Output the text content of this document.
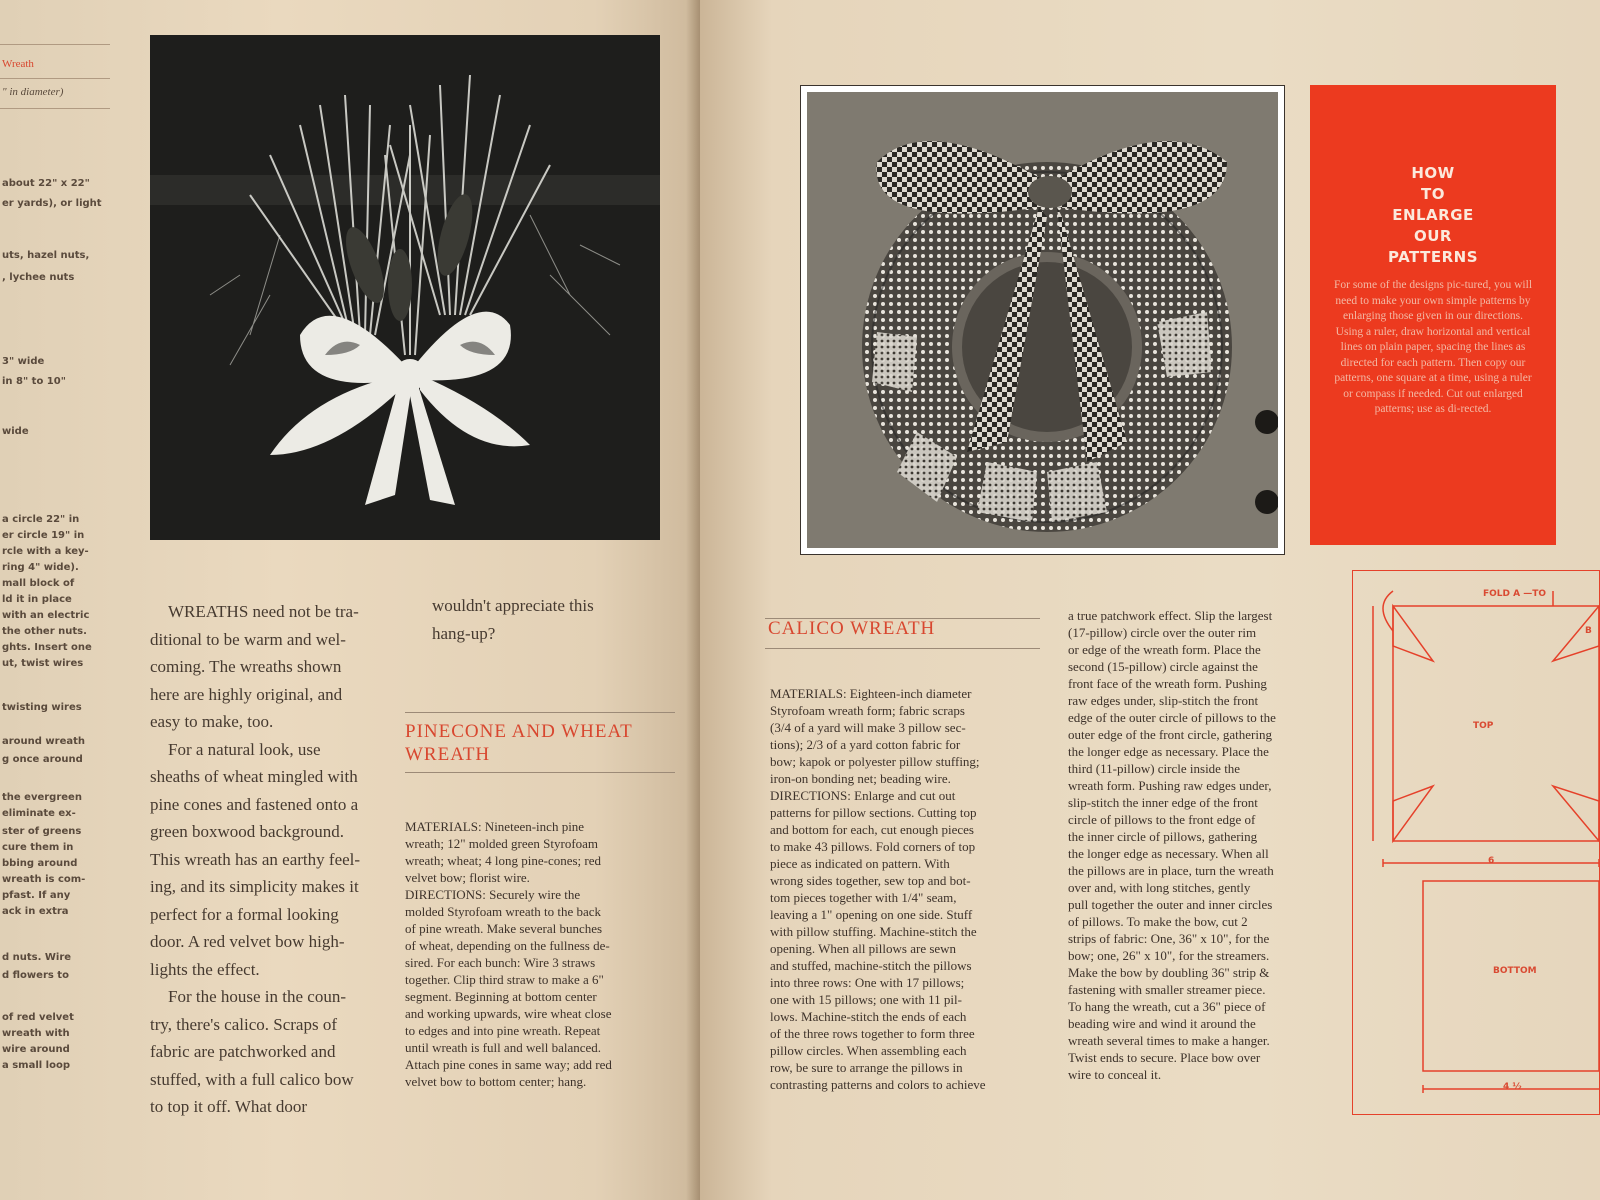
Wreath
" in diameter)
about 22" x 22"
er yards), or light
uts, hazel nuts,
, lychee nuts
3" wide
in 8" to 10"
wide
a circle 22" in
er circle 19" in
rcle with a key-
ring 4" wide).
mall block of
ld it in place
with an electric
the other nuts.
ghts. Insert one
ut, twist wires
twisting wires
around wreath
g once around
the evergreen
eliminate ex-
ster of greens
cure them in
bbing around
wreath is com-
pfast. If any
ack in extra
d nuts. Wire
d flowers to
of red velvet
wreath with
wire around
a small loop
WREATHS need not be tra-
ditional to be warm and wel-
coming. The wreaths shown
here are highly original, and
easy to make, too.
For a natural look, use
sheaths of wheat mingled with
pine cones and fastened onto a
green boxwood background.
This wreath has an earthy feel-
ing, and its simplicity makes it
perfect for a formal looking
door. A red velvet bow high-
lights the effect.
For the house in the coun-
try, there's calico. Scraps of
fabric are patchworked and
stuffed, with a full calico bow
to top it off. What door
wouldn't appreciate this
hang-up?
PINECONE AND WHEAT
WREATH
MATERIALS: Nineteen-inch pine
wreath; 12" molded green Styrofoam
wreath; wheat; 4 long pine-cones; red
velvet bow; florist wire.
DIRECTIONS: Securely wire the
molded Styrofoam wreath to the back
of pine wreath. Make several bunches
of wheat, depending on the fullness de-
sired. For each bunch: Wire 3 straws
together. Clip third straw to make a 6"
segment. Beginning at bottom center
and working upwards, wire wheat close
to edges and into pine wreath. Repeat
until wreath is full and well balanced.
Attach pine cones in same way; add red
velvet bow to bottom center; hang.
CALICO WREATH
MATERIALS: Eighteen-inch diameter
Styrofoam wreath form; fabric scraps
(3/4 of a yard will make 3 pillow sec-
tions); 2/3 of a yard cotton fabric for
bow; kapok or polyester pillow stuffing;
iron-on bonding net; beading wire.
DIRECTIONS: Enlarge and cut out
patterns for pillow sections. Cutting top
and bottom for each, cut enough pieces
to make 43 pillows. Fold corners of top
piece as indicated on pattern. With
wrong sides together, sew top and bot-
tom pieces together with 1/4" seam,
leaving a 1" opening on one side. Stuff
with pillow stuffing. Machine-stitch the
opening. When all pillows are sewn
and stuffed, machine-stitch the pillows
into three rows: One with 17 pillows;
one with 15 pillows; one with 11 pil-
lows. Machine-stitch the ends of each
of the three rows together to form three
pillow circles. When assembling each
row, be sure to arrange the pillows in
contrasting patterns and colors to achieve
a true patchwork effect. Slip the largest
(17-pillow) circle over the outer rim
or edge of the wreath form. Place the
second (15-pillow) circle against the
front face of the wreath form. Pushing
raw edges under, slip-stitch the front
edge of the outer circle of pillows to the
outer edge of the front circle, gathering
the longer edge as necessary. Place the
third (11-pillow) circle inside the
wreath form. Pushing raw edges under,
slip-stitch the inner edge of the front
circle of pillows to the front edge of
the inner circle of pillows, gathering
the longer edge as necessary. When all
the pillows are in place, turn the wreath
over and, with long stitches, gently
pull together the outer and inner circles
of pillows. To make the bow, cut 2
strips of fabric: One, 36" x 10", for the
bow; one, 26" x 10", for the streamers.
Make the bow by doubling 36" strip &
fastening with smaller streamer piece.
To hang the wreath, cut a 36" piece of
beading wire and wind it around the
wreath several times to make a hanger.
Twist ends to secure. Place bow over
wire to conceal it.
HOW
TO
ENLARGE
OUR
PATTERNS
For some of the designs pic-tured, you will need to make your own simple patterns by enlarging those given in our directions. Using a ruler, draw horizontal and vertical lines on plain paper, spacing the lines as directed for each pattern. Then copy our patterns, one square at a time, using a ruler or compass if needed. Cut out enlarged patterns; use as di-rected.
FOLD A —TO
B
TOP
6
BOTTOM
4 ½
